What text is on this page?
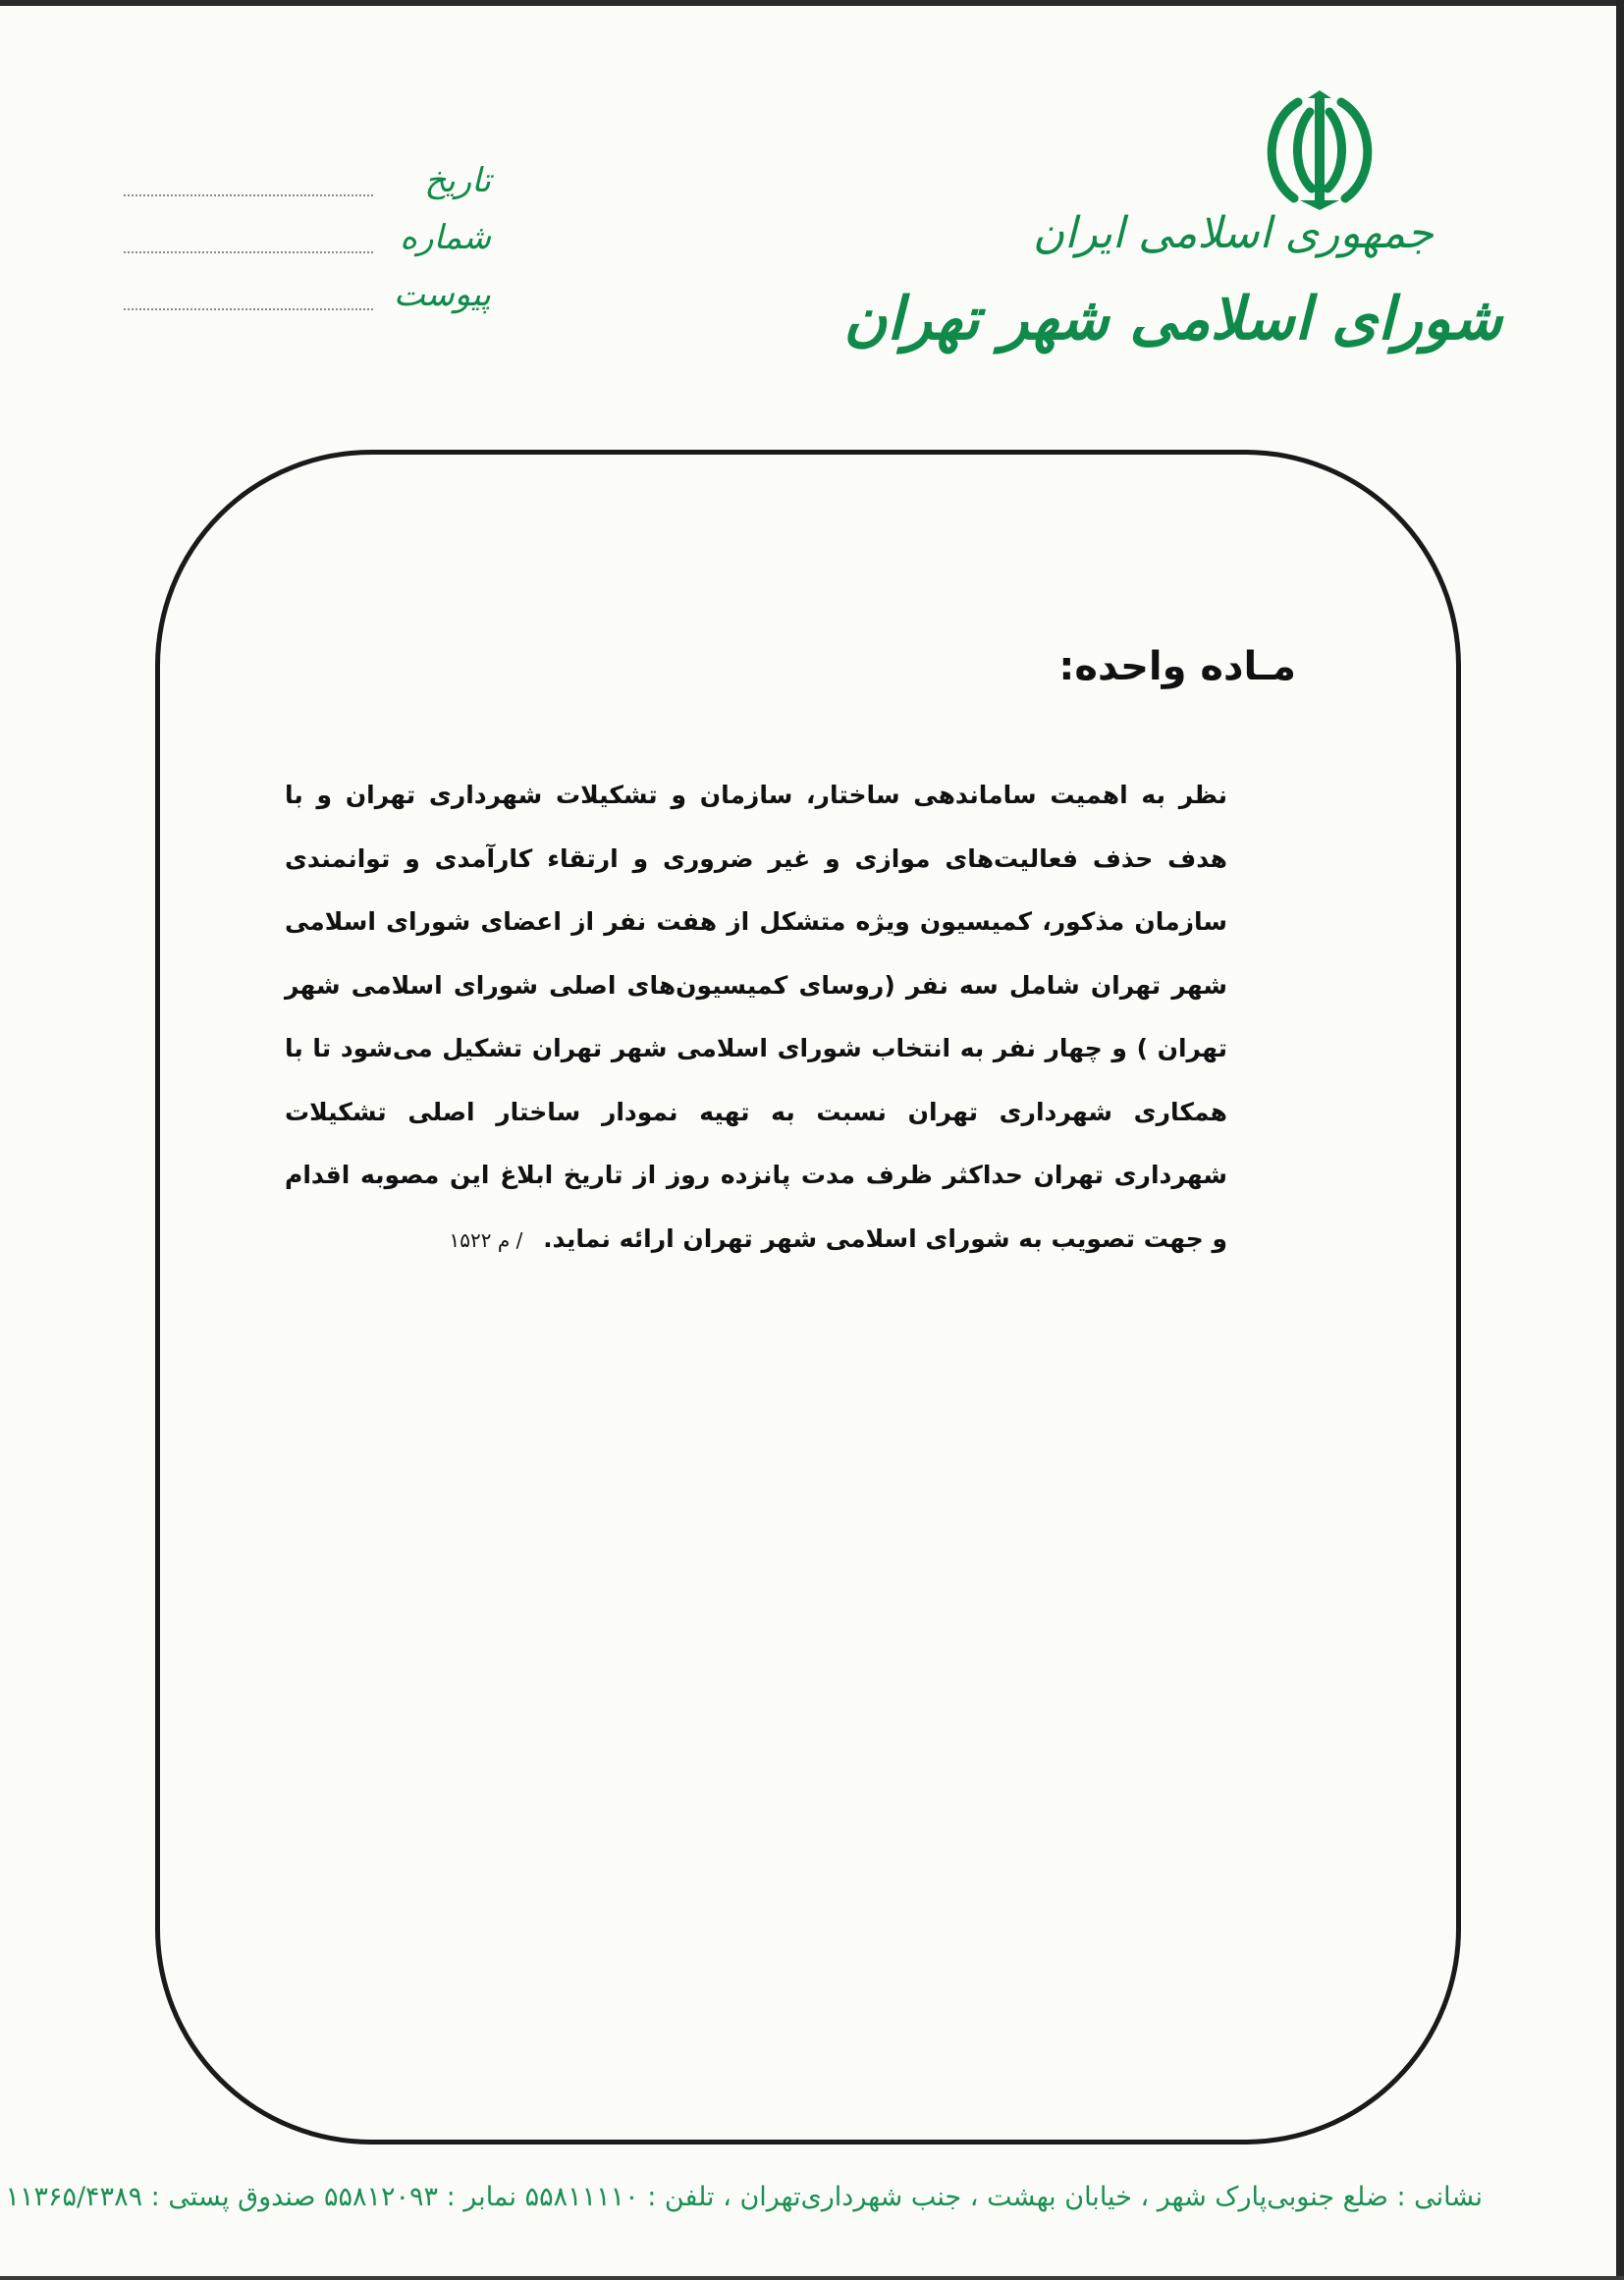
جمهوری اسلامی ایران
شورای اسلامی شهر تهران
تاریخ
شماره
پیوست
مـاده واحده:
نظر به اهمیت ساماندهی ساختار، سازمان و تشکیلات شهرداری تهران و با هدف حذف فعالیت‌های موازی و غیر ضروری و ارتقاء کارآمدی و توانمندی سازمان مذکور، کمیسیون ویژه متشکل از هفت نفر از اعضای شورای اسلامی شهر تهران شامل سه نفر (روسای کمیسیون‌های اصلی شورای اسلامی شهر تهران ) و چهار نفر به انتخاب شورای اسلامی شهر تهران تشکیل می‌شود تا با همکاری شهرداری تهران نسبت به تهیه نمودار ساختار اصلی تشکیلات شهرداری تهران حداکثر ظرف مدت پانزده روز از تاریخ ابلاغ این مصوبه اقدام و جهت تصویب به شورای اسلامی شهر تهران ارائه نماید. / م ۱۵۲۲
نشانی : ضلع جنوبی‌پارک شهر ، خیابان بهشت ، جنب شهرداری‌تهران ، تلفن : ۵۵۸۱۱۱۱۰ نمابر : ۵۵۸۱۲۰۹۳ صندوق پستی : ۱۱۳۶۵/۴۳۸۹
